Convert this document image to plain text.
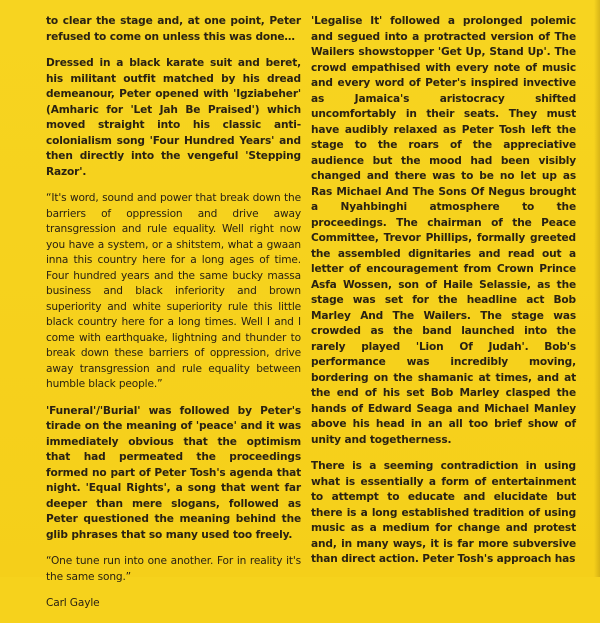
to clear the stage and, at one point, Peter refused to come on unless this was done…

Dressed in a black karate suit and beret, his militant outfit matched by his dread demeanour, Peter opened with 'Igziabeher' (Amharic for 'Let Jah Be Praised') which moved straight into his classic anti-colonialism song 'Four Hundred Years' and then directly into the vengeful 'Stepping Razor'.

“It's word, sound and power that break down the barriers of oppression and drive away transgression and rule equality. Well right now you have a system, or a shitstem, what a gwaan inna this country here for a long ages of time. Four hundred years and the same bucky massa business and black inferiority and brown superiority and white superiority rule this little black country here for a long times. Well I and I come with earthquake, lightning and thunder to break down these barriers of oppression, drive away transgression and rule equality between humble black people.”

'Funeral'/'Burial' was followed by Peter's tirade on the meaning of 'peace' and it was immediately obvious that the optimism that had permeated the proceedings formed no part of Peter Tosh's agenda that night. 'Equal Rights', a song that went far deeper than mere slogans, followed as Peter questioned the meaning behind the glib phrases that so many used too freely.

“One tune run into one another. For in reality it's the same song.”

Carl Gayle

'Legalise It' followed a prolonged polemic and segued into a protracted version of The Wailers showstopper 'Get Up, Stand Up'. The crowd empathised with every note of music and every word of Peter's inspired invective as Jamaica's aristocracy shifted uncomfortably in their seats. They must have audibly relaxed as Peter Tosh left the stage to the roars of the appreciative audience but the mood had been visibly changed and there was to be no let up as Ras Michael And The Sons Of Negus brought a Nyahbinghi atmosphere to the proceedings. The chairman of the Peace Committee, Trevor Phillips, formally greeted the assembled dignitaries and read out a letter of encouragement from Crown Prince Asfa Wossen, son of Haile Selassie, as the stage was set for the headline act Bob Marley And The Wailers. The stage was crowded as the band launched into the rarely played 'Lion Of Judah'. Bob's performance was incredibly moving, bordering on the shamanic at times, and at the end of his set Bob Marley clasped the hands of Edward Seaga and Michael Manley above his head in an all too brief show of unity and togetherness.

There is a seeming contradiction in using what is essentially a form of entertainment to attempt to educate and elucidate but there is a long established tradition of using music as a medium for change and protest and, in many ways, it is far more subversive than direct action. Peter Tosh's approach has
